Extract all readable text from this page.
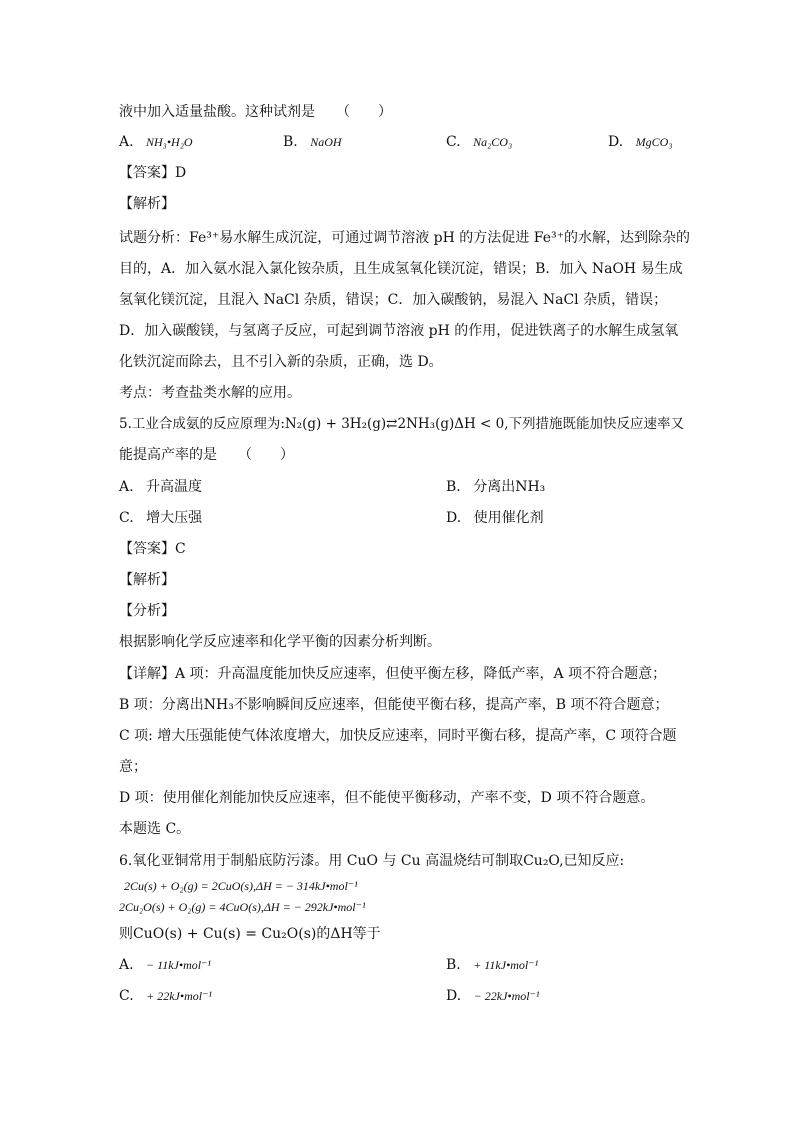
液中加入适量盐酸。这种试剂是　　（　　）
A. NH₃•H₂O	B. NaOH	C. Na₂CO₃	D. MgCO₃
【答案】D
【解析】
试题分析：Fe³⁺易水解生成沉淀，可通过调节溶液 pH 的方法促进 Fe³⁺的水解，达到除杂的
目的，A．加入氨水混入氯化铵杂质，且生成氢氧化镁沉淀，错误；B．加入 NaOH 易生成
氢氧化镁沉淀，且混入 NaCl 杂质，错误；C．加入碳酸钠，易混入 NaCl 杂质，错误；
D．加入碳酸镁，与氢离子反应，可起到调节溶液 pH 的作用，促进铁离子的水解生成氢氧
化铁沉淀而除去，且不引入新的杂质，正确，选 D。
考点：考查盐类水解的应用。
5.工业合成氨的反应原理为:N₂(g) + 3H₂(g)⇄2NH₃(g)ΔH < 0,下列措施既能加快反应速率又
能提高产率的是　　（　　）
A. 升高温度	B. 分离出NH₃
C. 增大压强	D. 使用催化剂
【答案】C
【解析】
【分析】
根据影响化学反应速率和化学平衡的因素分析判断。
【详解】A 项：升高温度能加快反应速率，但使平衡左移，降低产率，A 项不符合题意；
B 项：分离出NH₃不影响瞬间反应速率，但能使平衡右移，提高产率，B 项不符合题意；
C 项: 增大压强能使气体浓度增大，加快反应速率，同时平衡右移，提高产率，C 项符合题
意；
D 项：使用催化剂能加快反应速率，但不能使平衡移动，产率不变，D 项不符合题意。
本题选 C。
6.氧化亚铜常用于制船底防污漆。用 CuO 与 Cu 高温烧结可制取Cu₂O,已知反应:
2Cu(s) + O₂(g) = 2CuO(s),ΔH = − 314kJ•mol⁻¹
2Cu₂O(s) + O₂(g) = 4CuO(s),ΔH = − 292kJ•mol⁻¹
则CuO(s) + Cu(s) = Cu₂O(s)的ΔH等于
A. − 11kJ•mol⁻¹	B. + 11kJ•mol⁻¹
C. + 22kJ•mol⁻¹	D. − 22kJ•mol⁻¹
